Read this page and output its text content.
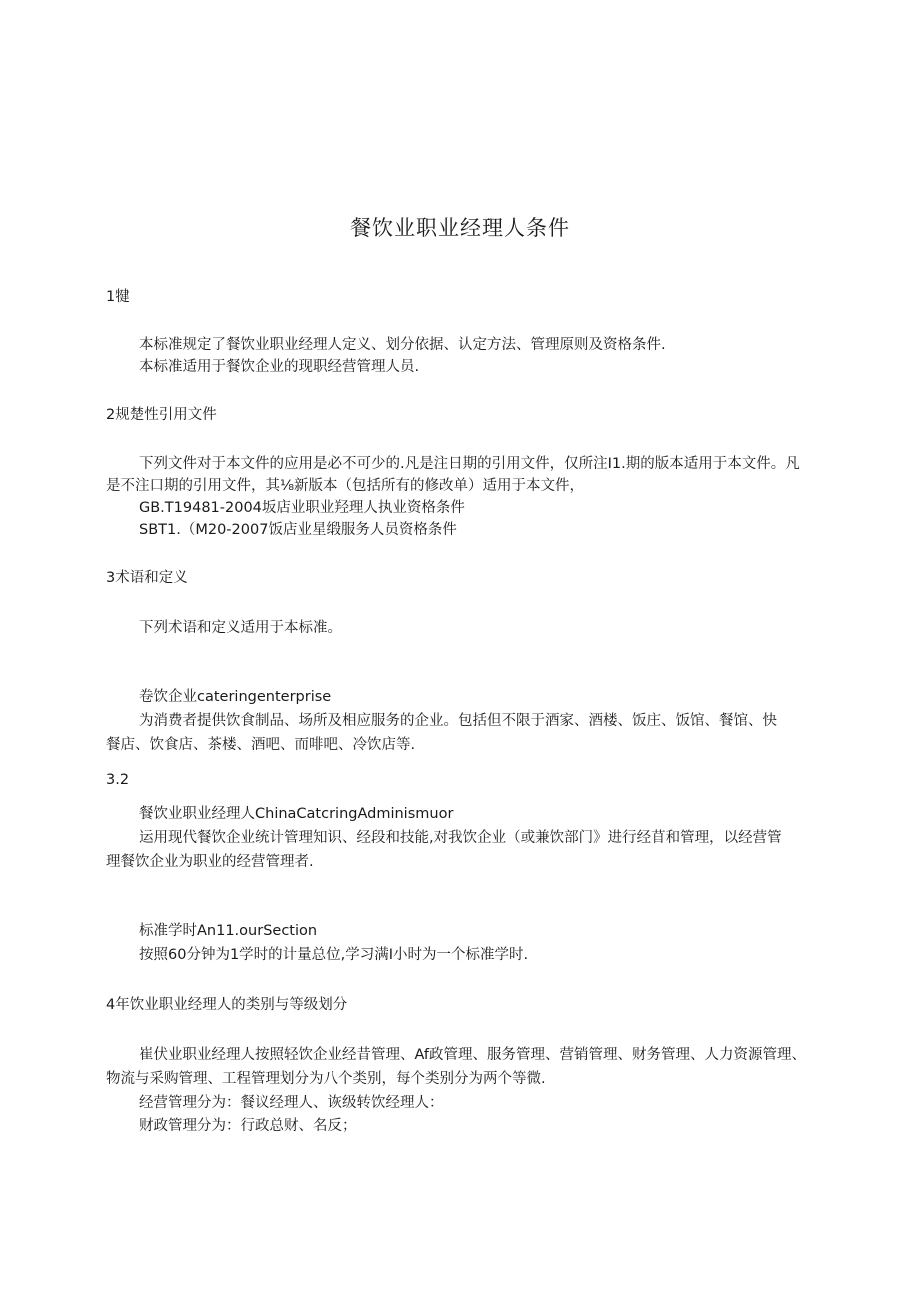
餐饮业职业经理人条件
1犍
本标准规定了餐饮业职业经理人定义、划分依据、认定方法、管理原则及资格条件.
本标准适用于餐饮企业的现职经营管理人员.
2规楚性引用文件
下列文件对于本文件的应用是必不可少的.凡是注日期的引用文件，仅所注I1.期的版本适用于本文件。凡
是不注口期的引用文件，其⅛新版本（包括所有的修改单）适用于本文件，
GB.T19481-2004坂店业职业羟理人执业资格条件
SBT1.（M20-2007饭店业星缎服务人员资格条件
3术语和定义
下列术语和定义适用于本标准。
卷饮企业cateringenterprise
为消费者提供饮食制品、场所及相应服务的企业。包括但不限于酒家、酒楼、饭庄、饭馆、餐馆、快
餐店、饮食店、茶楼、酒吧、而啡吧、冷饮店等.
3.2
餐饮业职业经理人ChinaCatcringAdminismuor
运用现代餐饮企业统计管理知识、经段和技能,对我饮企业（或兼饮部门》进行经苜和管理，以经营管
理餐饮企业为职业的经营管理者.
标准学时An11.ourSection
按照60分钟为1学时的计量总位,学习满I小时为一个标准学时.
4年饮业职业经理人的类别与等级划分
崔伏业职业经理人按照轻饮企业经昔管理、Af政管理、服务管理、营销管理、财务管理、人力资源管理、
物流与采购管理、工程管理划分为八个类别，每个类别分为两个等微.
经营管理分为：餐议经理人、诙级转饮经理人：
财政管理分为：行政总财、名反；
